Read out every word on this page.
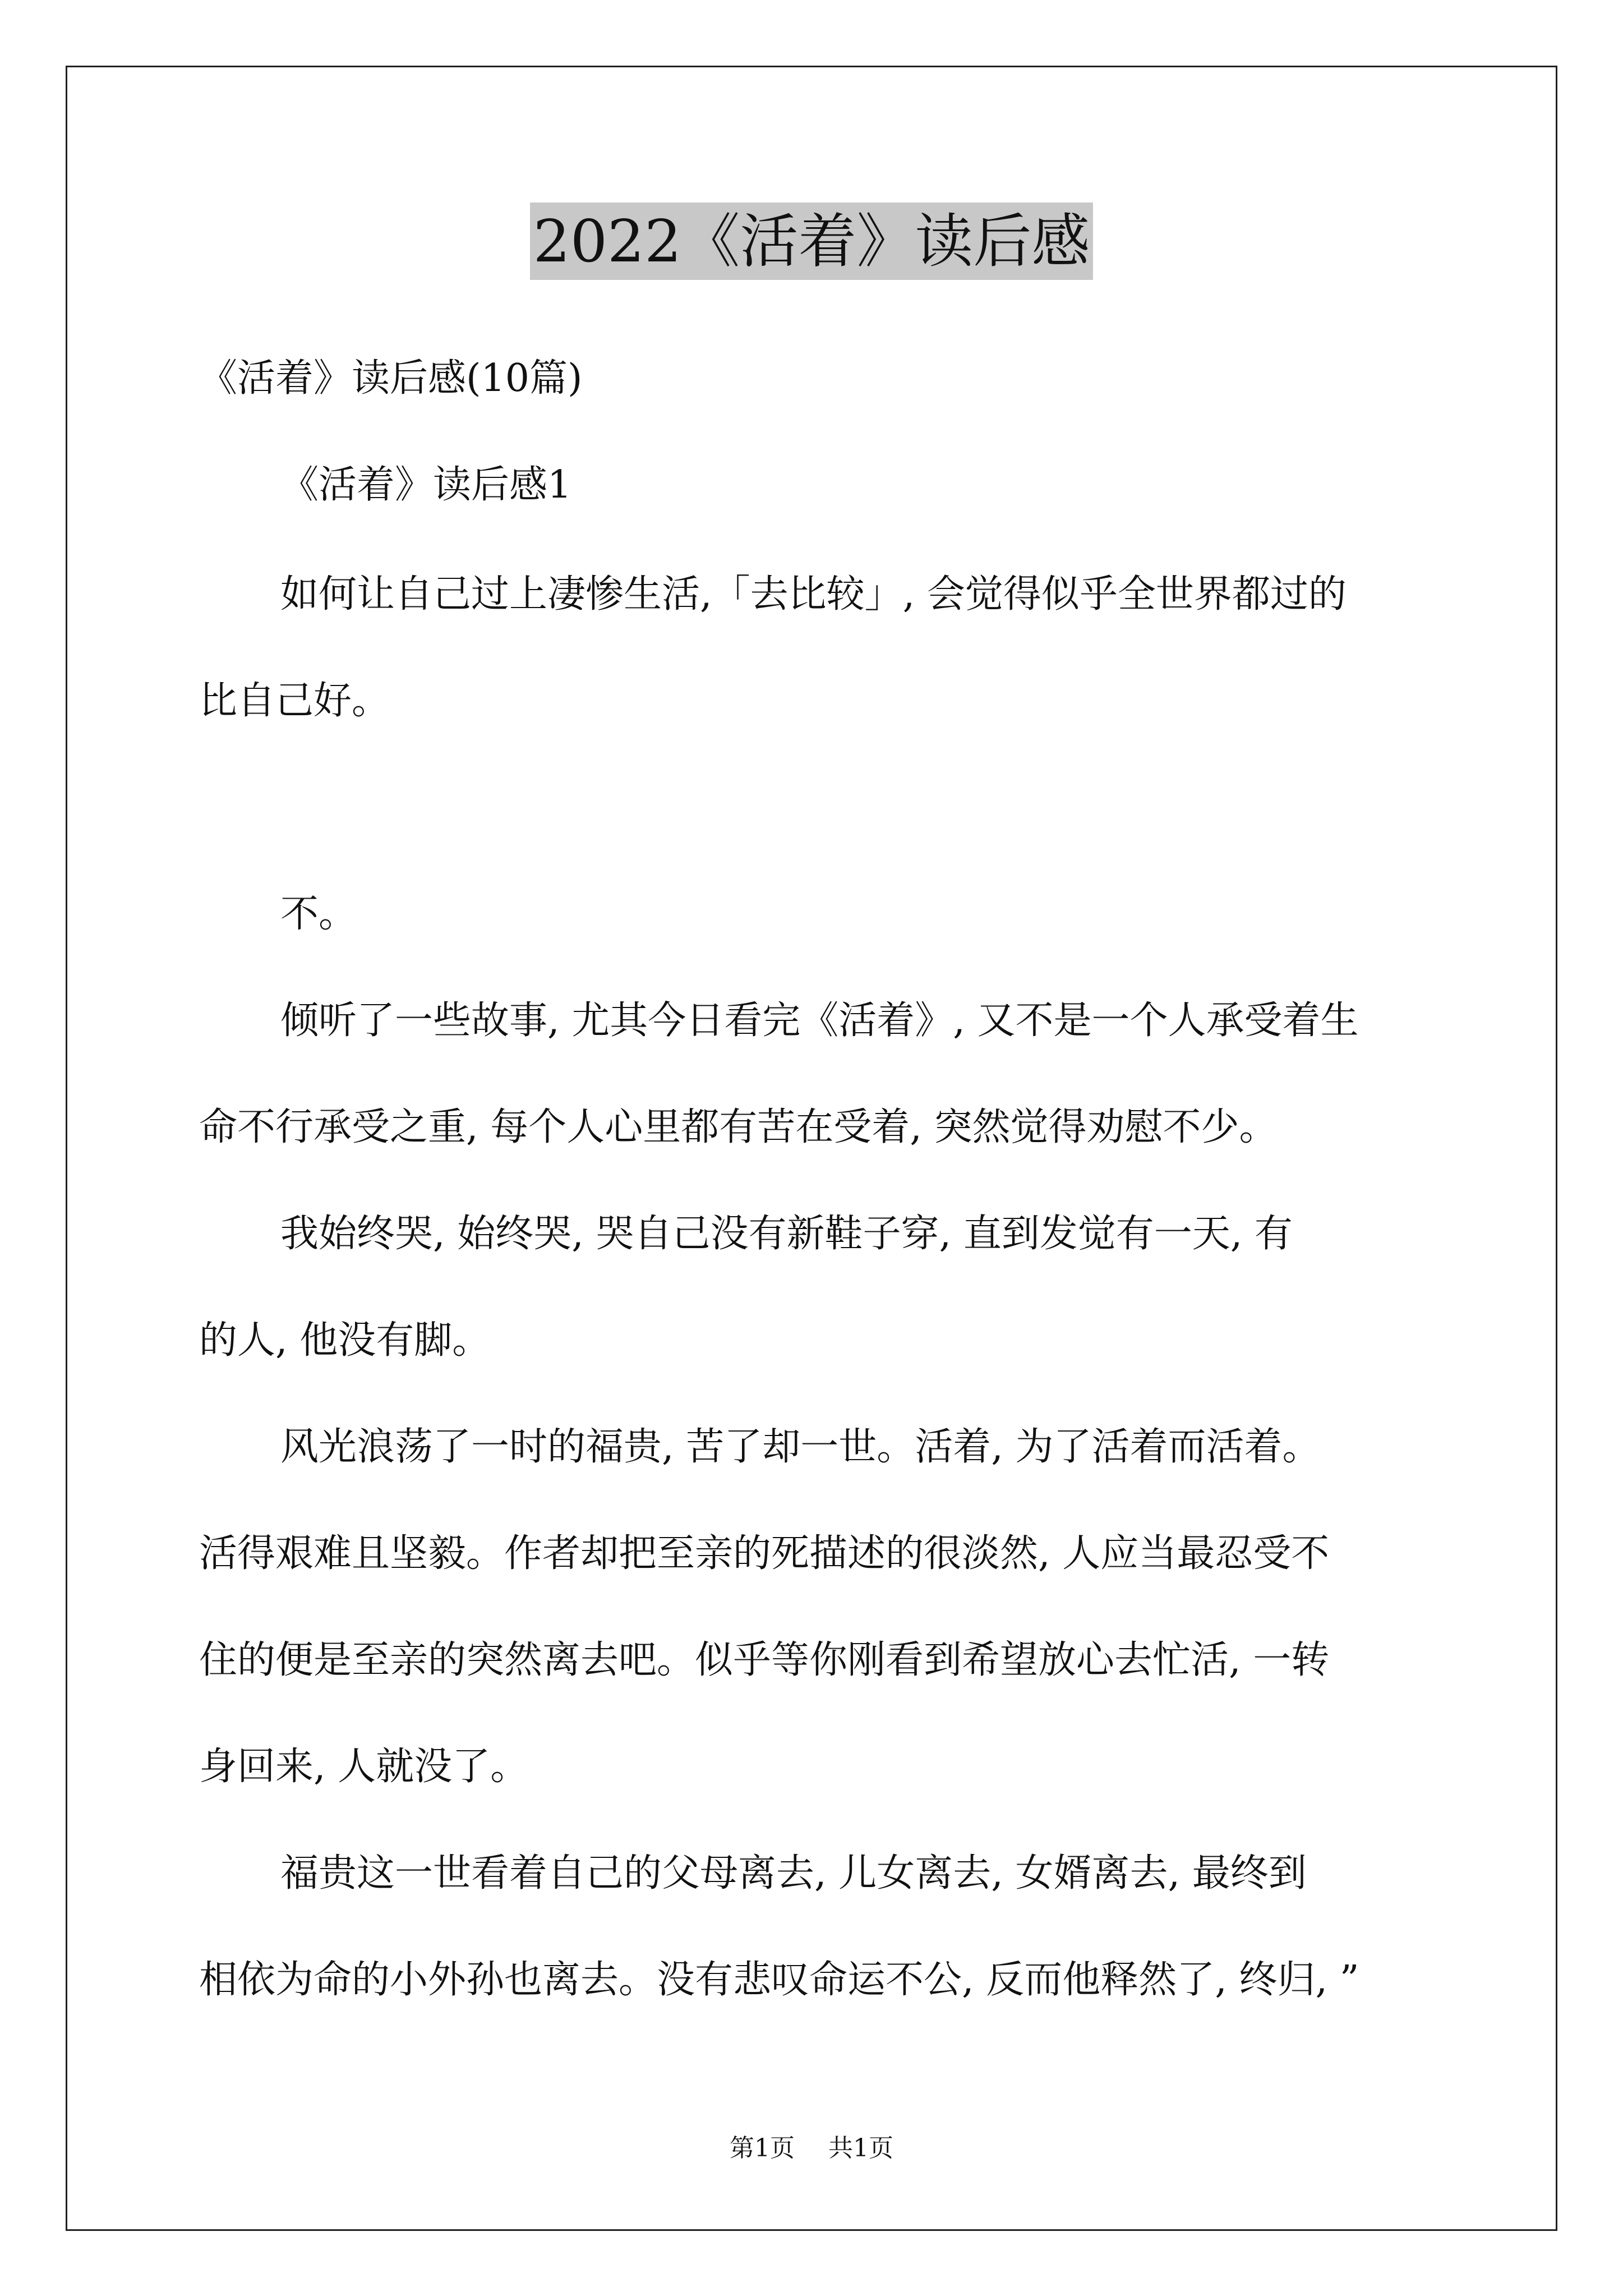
2022《活着》读后感

《活着》读后感(10篇)

《活着》读后感1

如何让自己过上凄惨生活,「去比较」, 会觉得似乎全世界都过的

比自己好。

不。

倾听了一些故事, 尤其今日看完《活着》, 又不是一个人承受着生

命不行承受之重, 每个人心里都有苦在受着, 突然觉得劝慰不少。

我始终哭, 始终哭, 哭自己没有新鞋子穿, 直到发觉有一天, 有

的人, 他没有脚。

风光浪荡了一时的福贵, 苦了却一世。活着, 为了活着而活着。

活得艰难且坚毅。作者却把至亲的死描述的很淡然, 人应当最忍受不

住的便是至亲的突然离去吧。似乎等你刚看到希望放心去忙活, 一转

身回来, 人就没了。

福贵这一世看着自己的父母离去, 儿女离去, 女婿离去, 最终到

相依为命的小外孙也离去。没有悲叹命运不公, 反而他释然了, 终归, ”

第1页 共1页
